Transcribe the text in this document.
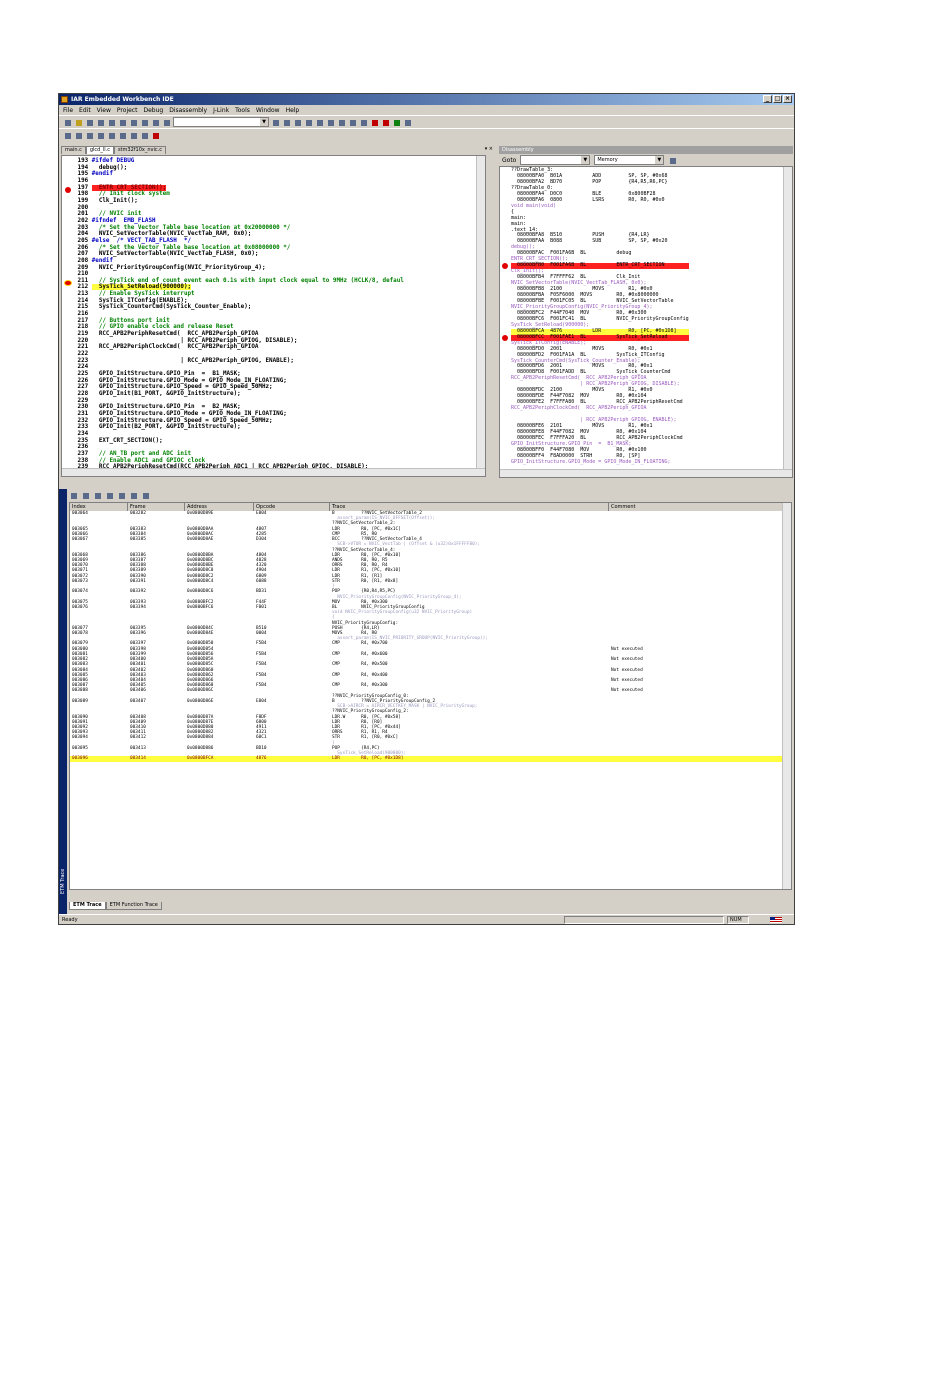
IAR Embedded Workbench IDE	_ □ ×
File Edit View Project Debug Disassembly J-Link Tools Window Help
▼
main.c	glcd_ll.c	stm32f10x_nvic.c	▾ ×
193 #ifdef DEBUG
194   debug();
195 #endif
196
197   ENTR_CRT_SECTION();
198   // Init clock system
199   Clk_Init();
200
201   // NVIC init
202 #ifndef  EMB_FLASH
203   /* Set the Vector Table base location at 0x20000000 */
204   NVIC_SetVectorTable(NVIC_VectTab_RAM, 0x0);
205 #else  /* VECT_TAB_FLASH  */
206   /* Set the Vector Table base location at 0x08000000 */
207   NVIC_SetVectorTable(NVIC_VectTab_FLASH, 0x0);
208 #endif
209   NVIC_PriorityGroupConfig(NVIC_PriorityGroup_4);
210
211   // SysTick end of count event each 0.1s with input clock equal to 9MHz (HCLK/8, defaul
212   SysTick_SetReload(900000);
213   // Enable SysTick interrupt
214   SysTick_ITConfig(ENABLE);
215   SysTick_CounterCmd(SysTick_Counter_Enable);
216
217   // Buttons port init
218   // GPIO enable clock and release Reset
219   RCC_APB2PeriphResetCmd(  RCC_APB2Periph_GPIOA
220                          | RCC_APB2Periph_GPIOG, DISABLE);
221   RCC_APB2PeriphClockCmd(  RCC_APB2Periph_GPIOA
222
223                          | RCC_APB2Periph_GPIOG, ENABLE);
224
225   GPIO_InitStructure.GPIO_Pin  =  B1_MASK;
226   GPIO_InitStructure.GPIO_Mode = GPIO_Mode_IN_FLOATING;
227   GPIO_InitStructure.GPIO_Speed = GPIO_Speed_50MHz;
228   GPIO_Init(B1_PORT, &GPIO_InitStructure);
229
230   GPIO_InitStructure.GPIO_Pin  =  B2_MASK;
231   GPIO_InitStructure.GPIO_Mode = GPIO_Mode_IN_FLOATING;
232   GPIO_InitStructure.GPIO_Speed = GPIO_Speed_50MHz;
233   GPIO_Init(B2_PORT, &GPIO_InitStructure);
234
235   EXT_CRT_SECTION();
236
237   // AN_TB port and ADC init
238   // Enable ADC1 and GPIOC clock
Disassembly
Goto
▼	Memory ▼
??DrawTable_3:
08000BFA0  B01A          ADD         SP, SP, #0x68
08000BFA2  BD70          POP         {R4,R5,R6,PC}
??DrawTable_0:
08000BFA4  D0C0          BLE         0x800BF28
08000BFA6  0800          LSRS        R0, R0, #0x0
void main(void)
{
main:
main:
.text_14:
08000BFA8  B510          PUSH        {R4,LR}
08000BFAA  B088          SUB         SP, SP, #0x20
debug();
08000BFAC  F001FA6B  BL          debug
ENTR_CRT_SECTION();
08000BFB0  F001FA6B  BL          ENTR_CRT_SECTION
Clk_Init();
08000BFB4  F7FFFF62  BL          Clk_Init
NVIC_SetVectorTable(NVIC_VectTab_FLASH, 0x0);
08000BFB8  2100          MOVS        R1, #0x0
08000BFBA  F05F6000  MOVS        R0, #0x8000000
08000BFBE  F001FC05  BL          NVIC_SetVectorTable
NVIC_PriorityGroupConfig(NVIC_PriorityGroup_4);
08000BFC2  F44F7040  MOV         R0, #0x300
08000BFC6  F001FC41  BL          NVIC_PriorityGroupConfig
SysTick_SetReload(900000);
08000BFCA  4876          LDR         R0, [PC, #0x1D8]
08000BFCC  F001FAE1  BL          SysTick_SetReload
SysTick_ITConfig(ENABLE);
08000BFD0  2001          MOVS        R0, #0x1
08000BFD2  F001FA1A  BL          SysTick_ITConfig
SysTick_CounterCmd(SysTick_Counter_Enable);
08000BFD6  2001          MOVS        R0, #0x1
08000BFD8  F001FADD  BL          SysTick_CounterCmd
RCC_APB2PeriphResetCmd(  RCC_APB2Periph_GPIOA
| RCC_APB2Periph_GPIOG, DISABLE);
08000BFDC  2100          MOVS        R1, #0x0
08000BFDE  F44F7082  MOV         R0, #0x104
08000BFE2  F7FFFA80  BL          RCC_APB2PeriphResetCmd
RCC_APB2PeriphClockCmd(  RCC_APB2Periph_GPIOA

| RCC_APB2Periph_GPIOG, ENABLE);
08000BFE6  2101          MOVS        R1, #0x1
08000BFE8  F44F7082  MOV         R0, #0x104
08000BFEC  F7FFFA20  BL          RCC_APB2PeriphClockCmd
GPIO_InitStructure.GPIO_Pin  =  B1_MASK;
08000BFF0  F44F7080  MOV         R0, #0x100
08000BFF4  F8AD0000  STRH        R0, [SP]
GPIO_InitStructure.GPIO_Mode = GPIO_Mode_IN_FLOATING;
ETM Trace
Index	Frame	Address	Opcode	Trace	Comment
003064	003282	0x0800D89E	E004	B          ??NVIC_SetVectorTable_2
assert_param(IS_NVIC_OFFSET(Offset));
??NVIC_SetVectorTable_2:
003065	003383	0x0800D8AA	4807	LDR        R0, [PC, #0x1C]
003066	003384	0x0800D8AC	4285	CMP        R5, R0
003067	003385	0x0800D8AE	D304	BCC        ??NVIC_SetVectorTable_4
SCB->VTOR = NVIC_VectTab | (Offset & (u32)0x1FFFFF80);
??NVIC_SetVectorTable_4:
003068	003386	0x0800D8BA	4804	LDR        R0, [PC, #0x10]
003069	003387	0x0800D8BC	4028	ANDS       R0, R0, R5
003070	003388	0x0800D8BE	4320	ORRS       R0, R0, R4
003071	003389	0x0800D8C0	4904	LDR        R1, [PC, #0x10]
003072	003390	0x0800D8C2	6809	LDR        R1, [R1]
003073	003391	0x0800D8C4	6088	STR        R0, [R1, #0x8]
}
003074	003392	0x0800D8C6	BD31	POP        {R0,R4,R5,PC}
NVIC_PriorityGroupConfig(NVIC_PriorityGroup_4);
003075	003393	0x0800BFC2	F44F	MOV        R0, #0x300
003076	003394	0x0800BFC6	F001	BL         NVIC_PriorityGroupConfig
void NVIC_PriorityGroupConfig(u32 NVIC_PriorityGroup)
{
NVIC_PriorityGroupConfig:
003077	003395	0x0800D84C	B510	PUSH       {R4,LR}
003078	003396	0x0800D84E	0004	MOVS       R4, R0
assert_param(IS_NVIC_PRIORITY_GROUP(NVIC_PriorityGroup));
003079	003397	0x0800D850	F5B4	CMP        R4, #0x700
003080	003398	0x0800D854	Not executed
003081	003399	0x0800D856	F5B4	CMP        R4, #0x600
003082	003400	0x0800D85A	Not executed
003083	003401	0x0800D85C	F5B4	CMP        R4, #0x500
003084	003402	0x0800D860	Not executed
003085	003403	0x0800D862	F5B4	CMP        R4, #0x400
003086	003404	0x0800D866	Not executed
003087	003405	0x0800D868	F5B4	CMP        R4, #0x300
003088	003406	0x0800D86C	Not executed
??NVIC_PriorityGroupConfig_0:
003089	003407	0x0800D86E	E004	B          ??NVIC_PriorityGroupConfig_2
SCB->AIRCR = AIRCR_VECTKEY_MASK | NVIC_PriorityGroup;
??NVIC_PriorityGroupConfig_2:
003090	003408	0x0800D87A	F8DF	LDR.W      R0, [PC, #0x58]
003091	003409	0x0800D87E	6800	LDR        R0, [R0]
003092	003410	0x0800D880	4911	LDR        R1, [PC, #0x44]
003093	003411	0x0800D882	4321	ORRS       R1, R1, R4
003094	003412	0x0800D884	60C1	STR        R1, [R0, #0xC]
}
003095	003413	0x0800D886	BD10	POP        {R4,PC}
SysTick_SetReload(900000);
003096	003414	0x0800BFCA	4876	LDR        R0, [PC, #0x1D8]
ETM Trace	ETM Function Trace
Ready	NUM
